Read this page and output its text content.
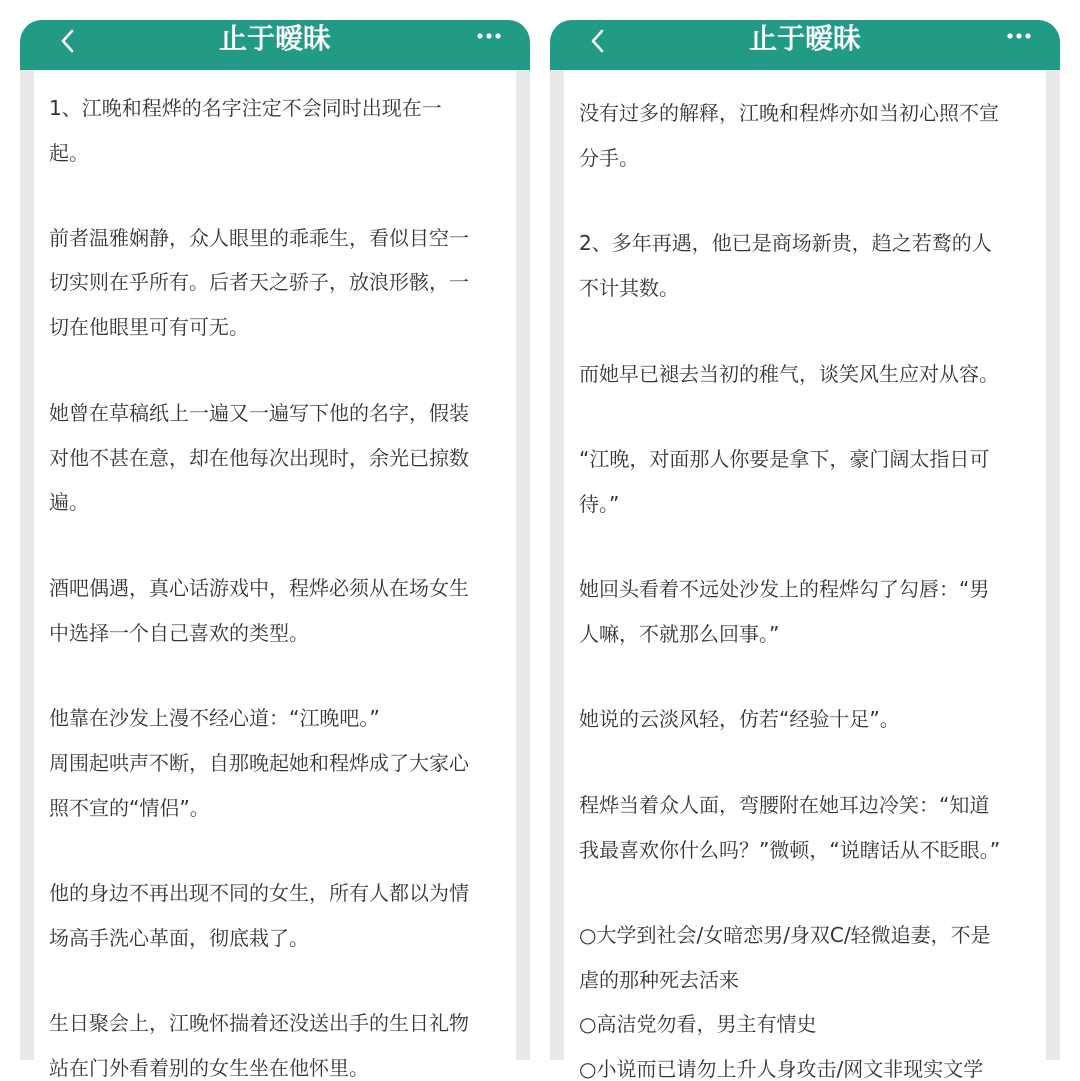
止于暧昧
1、江晚和程烨的名字注定不会同时出现在一
起。
前者温雅娴静，众人眼里的乖乖生，看似目空一
切实则在乎所有。后者天之骄子，放浪形骸，一
切在他眼里可有可无。
她曾在草稿纸上一遍又一遍写下他的名字，假装
对他不甚在意，却在他每次出现时，余光已掠数
遍。
酒吧偶遇，真心话游戏中，程烨必须从在场女生
中选择一个自己喜欢的类型。
他靠在沙发上漫不经心道：“江晚吧。”
周围起哄声不断，自那晚起她和程烨成了大家心
照不宣的“情侣”。
他的身边不再出现不同的女生，所有人都以为情
场高手洗心革面，彻底栽了。
生日聚会上，江晚怀揣着还没送出手的生日礼物
站在门外看着别的女生坐在他怀里。
止于暧昧
没有过多的解释，江晚和程烨亦如当初心照不宣
分手。
2、多年再遇，他已是商场新贵，趋之若鹜的人
不计其数。
而她早已褪去当初的稚气，谈笑风生应对从容。
“江晚，对面那人你要是拿下，豪门阔太指日可
待。”
她回头看着不远处沙发上的程烨勾了勾唇：“男
人嘛，不就那么回事。”
她说的云淡风轻，仿若“经验十足”。
程烨当着众人面，弯腰附在她耳边冷笑：“知道
我最喜欢你什么吗？”微顿，“说瞎话从不眨眼。”
○大学到社会/女暗恋男/身双C/轻微追妻，不是
虐的那种死去活来
○高洁党勿看，男主有情史
○小说而已请勿上升人身攻击/网文非现实文学
